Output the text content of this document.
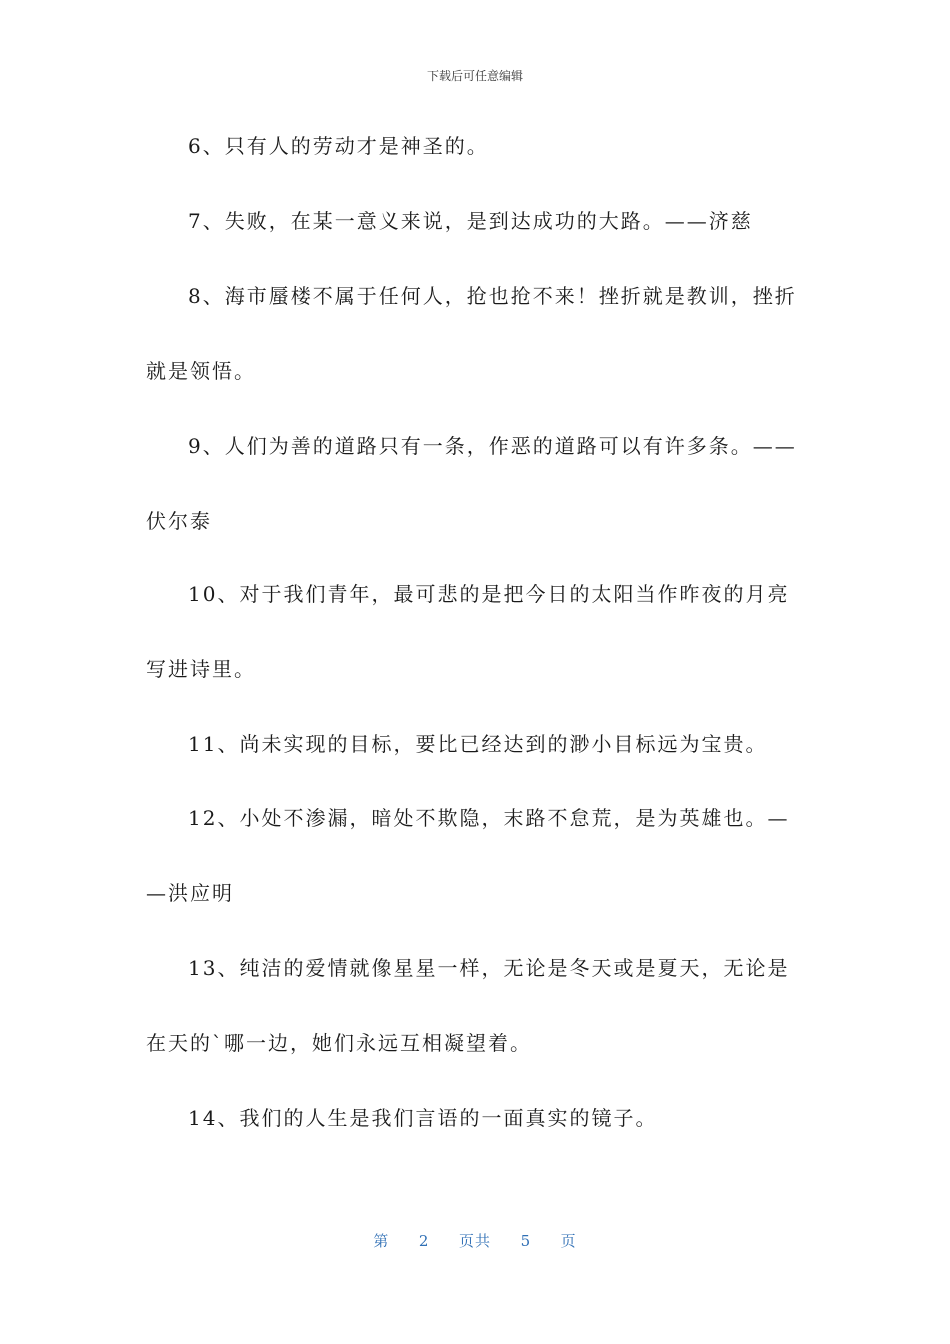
下载后可任意编辑
6、只有人的劳动才是神圣的。
7、失败，在某一意义来说，是到达成功的大路。——济慈
8、海市蜃楼不属于任何人，抢也抢不来！挫折就是教训，挫折
就是领悟。
9、人们为善的道路只有一条，作恶的道路可以有许多条。——
伏尔泰
10、对于我们青年，最可悲的是把今日的太阳当作昨夜的月亮
写进诗里。
11、尚未实现的目标，要比已经达到的渺小目标远为宝贵。
12、小处不渗漏，暗处不欺隐，末路不怠荒，是为英雄也。—
—洪应明
13、纯洁的爱情就像星星一样，无论是冬天或是夏天，无论是
在天的`哪一边，她们永远互相凝望着。
14、我们的人生是我们言语的一面真实的镜子。
第 2 页共 5 页
